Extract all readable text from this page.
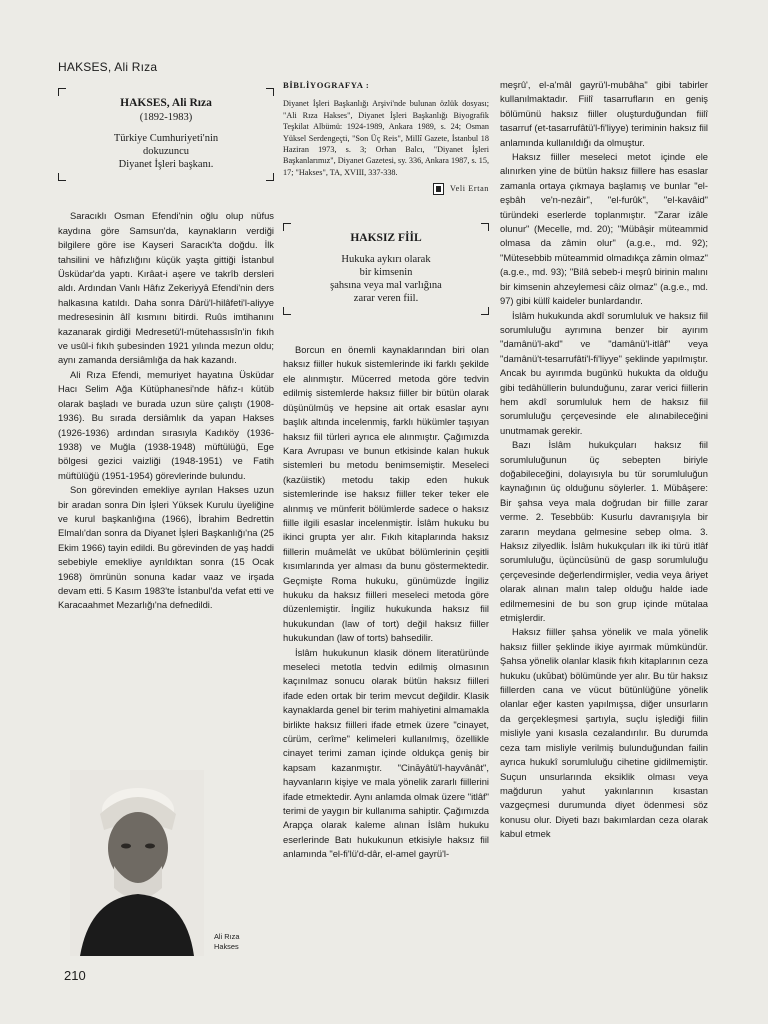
HAKSES, Ali Rıza
HAKSES, Ali Rıza
(1892-1983)
Türkiye Cumhuriyeti'nin
dokuzuncu
Diyanet İşleri başkanı.

Saracıklı Osman Efendi'nin oğlu olup nüfus kaydına göre Samsun'da, kaynakların verdiği bilgilere göre ise Kayseri Saracık'ta doğdu. İlk tahsilini ve hâfızlığını küçük yaşta gittiği İstanbul Üsküdar'da yaptı. Kırâat-i aşere ve takrîb dersleri aldı. Ardından Vanlı Hâfız Zekeriyyâ Efendi'nin ders halkasına katıldı. Daha sonra Dârü'l-hilâfeti'l-aliyye medresesinin âlî kısmını bitirdi. Ruûs imtihanını kazanarak girdiği Medresetü'l-mütehassısîn'in fıkıh ve usûl-i fıkıh şubesinden 1921 yılında mezun oldu; aynı zamanda dersiâmlığa da hak kazandı.

Ali Rıza Efendi, memuriyet hayatına Üsküdar Hacı Selim Ağa Kütüphanesi'nde hâfız-ı kütüb olarak başladı ve burada uzun süre çalıştı (1908-1936). Bu sırada dersiâmlık da yapan Hakses (1926-1936) ardından sırasıyla Kadıköy (1936-1938) ve Muğla (1938-1948) müftülüğü, Ege bölgesi gezici vaizliği (1948-1951) ve Fatih müftülüğü (1951-1954) görevlerinde bulundu.

Son görevinden emekliye ayrılan Hakses uzun bir aradan sonra Din İşleri Yüksek Kurulu üyeliğine ve kurul başkanlığına (1966), İbrahim Bedrettin Elmalı'dan sonra da Diyanet İşleri Başkanlığı'na (25 Ekim 1966) tayin edildi. Bu görevinden de yaş haddi sebebiyle emekliye ayrıldıktan sonra (15 Ocak 1968) ömrünün sonuna kadar vaaz ve irşada devam etti. 5 Kasım 1983'te İstanbul'da vefat etti ve Karacaahmet Mezarlığı'na defnedildi.

BİBLİYOGRAFYA :
Diyanet İşleri Başkanlığı Arşivi'nde bulunan özlük dosyası; "Ali Rıza Hakses", Diyanet İşleri Başkanlığı Biyografik Teşkilat Albümü: 1924-1989, Ankara 1989, s. 24; Osman Yüksel Serdengeçti, "Son Üç Reis", Millî Gazete, İstanbul 18 Haziran 1973, s. 3; Orhan Balcı, "Diyanet İşleri Başkanlarımız", Diyanet Gazetesi, sy. 336, Ankara 1987, s. 15, 17; "Hakses", TA, XVIII, 337-338.
Veli Ertan
HAKSIZ FİİL
Hukuka aykırı olarak
bir kimsenin
şahsına veya mal varlığına
zarar veren fiil.

Borcun en önemli kaynaklarından biri olan haksız fiiller hukuk sistemlerinde iki farklı şekilde ele alınmıştır. Mücerred metoda göre tedvin edilmiş sistemlerde haksız fiiller bir bütün olarak düşünülmüş ve hepsine ait ortak esaslar aynı başlık altında incelenmiş, farklı hükümler taşıyan haksız fiil türleri ayrıca ele alınmıştır. Çağımızda Kara Avrupası ve bunun etkisinde kalan hukuk sistemleri bu metodu benimsemiştir. Meseleci (kazüistik) metodu takip eden hukuk sistemlerinde ise haksız fiiller teker teker ele alınmış ve münferit bölümlerde sadece o haksız fiille ilgili esaslar incelenmiştir. İslâm hukuku bu ikinci grupta yer alır. Fıkıh kitaplarında haksız fiillerin muâmelât ve ukūbat bölümlerinin çeşitli kısımlarında yer alması da bunu göstermektedir. Geçmişte Roma hukuku, günümüzde İngiliz hukuku da haksız fiilleri meseleci metoda göre düzenlemiştir. İngiliz hukukunda haksız fiil hukukundan (law of tort) değil haksız fiiller hukukundan (law of torts) bahsedilir.

İslâm hukukunun klasik dönem literatüründe meseleci metotla tedvin edilmiş olmasının kaçınılmaz sonucu olarak bütün haksız fiilleri ifade eden ortak bir terim mevcut değildir. Klasik kaynaklarda genel bir terim mahiyetini almamakla birlikte haksız fiilleri ifade etmek üzere "cinayet, cürüm, cerîme" kelimeleri kullanılmış, özellikle cinayet terimi zaman içinde oldukça geniş bir kapsam kazanmıştır. "Cināyâtü'l-hayvânât", hayvanların kişiye ve mala yönelik zararlı fiillerini ifade etmektedir. Aynı anlamda olmak üzere "itlâf" terimi de yaygın bir kullanıma sahiptir. Çağımızda Arapça olarak kaleme alınan İslâm hukuku eserlerinde Batı hukukunun etkisiyle haksız fiil anlamında "el-fi'lü'd-dâr, el-amel gayrü'l-

meşrû', el-a'mâl gayrü'l-mubâha" gibi tabirler kullanılmaktadır. Fiilî tasarrufların en geniş bölümünü haksız fiiller oluşturduğundan fiilî tasarruf (et-tasarrufâtü'l-fi'liyye) teriminin haksız fiil anlamında kullanıldığı da olmuştur.

Haksız fiiller meseleci metot içinde ele alınırken yine de bütün haksız fiillere has esaslar zamanla ortaya çıkmaya başlamış ve bunlar "el-eşbâh ve'n-nezâir", "el-furûk", "el-kavâid" türündeki eserlerde toplanmıştır. "Zarar izâle olunur" (Mecelle, md. 20); "Mübâşir müteammid olmasa da zâmin olur" (a.g.e., md. 92); "Mütesebbib müteammid olmadıkça zâmin olmaz" (a.g.e., md. 93); "Bilâ sebeb-i meşrû birinin malını bir kimsenin ahzeylemesi câiz olmaz" (a.g.e., md. 97) gibi küllî kaideler bunlardandır.

İslâm hukukunda akdî sorumluluk ve haksız fiil sorumluluğu ayrımına benzer bir ayırım "damânü'l-akd" ve "damânü'l-itlâf" veya "damânü't-tesarrufâti'l-fi'liyye" şeklinde yapılmıştır. Ancak bu ayırımda bugünkü hukukta da olduğu gibi tedâhüllerin bulunduğunu, zarar verici fiillerin hem akdî sorumluluk hem de haksız fiil sorumluluğu çerçevesinde ele alınabileceğini unutmamak gerekir.

Bazı İslâm hukukçuları haksız fiil sorumluluğunun üç sebepten biriyle doğabileceğini, dolayısıyla bu tür sorumluluğun kaynağının üç olduğunu söylerler. 1. Mübâşere: Bir şahsa veya mala doğrudan bir fiille zarar verme. 2. Tesebbüb: Kusurlu davranışıyla bir zararın meydana gelmesine sebep olma. 3. Haksız zilyedlik. İslâm hukukçuları ilk iki türü itlâf sorumluluğu, üçüncüsünü de gasp sorumluluğu çerçevesinde değerlendirmişler, vedia veya âriyet olarak alınan malın talep olduğu halde iade edilmemesini de bu son grup içinde mütalaa etmişlerdir.

Haksız fiiller şahsa yönelik ve mala yönelik haksız fiiller şeklinde ikiye ayırmak mümkündür. Şahsa yönelik olanlar klasik fıkıh kitaplarının ceza hukuku (ukūbat) bölümünde yer alır. Bu tür haksız fiillerden cana ve vücut bütünlüğüne yönelik olanlar eğer kasten yapılmışsa, diğer unsurların da gerçekleşmesi şartıyla, suçlu işlediği fiilin misliyle yani kısasla cezalandırılır. Bu durumda ceza tam misliyle verilmiş bulunduğundan failin ayrıca hukukî sorumluluğu cihetine gidilmemiştir. Suçun unsurlarında eksiklik olması veya mağdurun yahut yakınlarının kısastan vazgeçmesi durumunda diyet ödenmesi söz konusu olur. Diyeti bazı bakımlardan ceza olarak kabul etmek

Ali Rıza
Hakses
210
